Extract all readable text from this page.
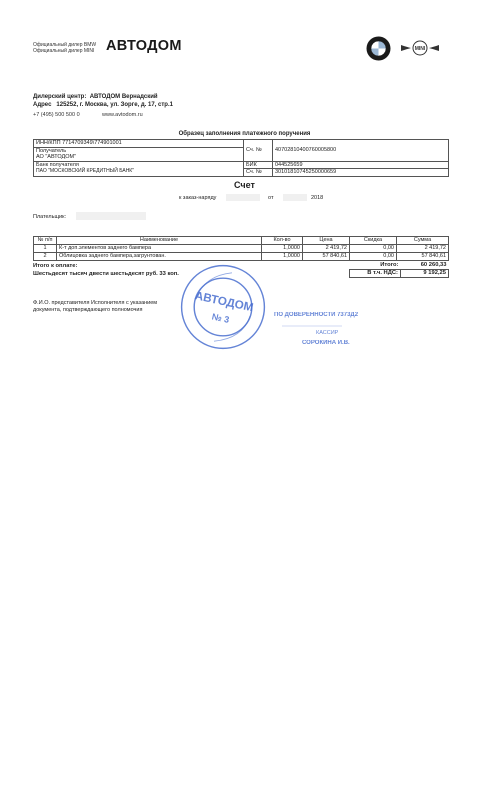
Официальный дилер BMW
Официальный дилер MINI АВТОДОМ	MINI
Дилерский центр: АВТОДОМ Вернадский
Адрес 125252, г. Москва, ул. Зорге, д. 17, стр.1
+7 (495) 500 500 0	www.avtodom.ru
Образец заполнения платежного поручения
ИНН/КПП 7714709349\774901001	Сч. №	40702810400760005800

Получатель
АО "АВТОДОМ"		

Банк получателя
ПАО "МОСКОВСКИЙ КРЕДИТНЫЙ БАНК"	БИК	044525659
	Сч. №	30101810745250000659
Счет
к заказ-наряду	от	2018
Плательщик:
№ п/п	Наименование	Кол-во	Цена	Скидка	Сумма
1	К-т доп.элементов заднего бампера	1,0000	2 419,72	0,00	2 419,72
2	Облицовка заднего бампера,загрунтован.	1,0000	57 840,61	0,00	57 840,61
Итого к оплате:
Шестьдесят тысяч двести шестьдесят руб. 33 коп.
Итого:	60 260,33
В т.ч. НДС:	9 192,25
Ф.И.О. представителя Исполнителя с указанием
документа, подтверждающего полномочия	АВТОДОМ
№ 3	ПО ДОВЕРЕННОСТИ 7373Д2
КАССИР
СОРОКИНА И.В.
